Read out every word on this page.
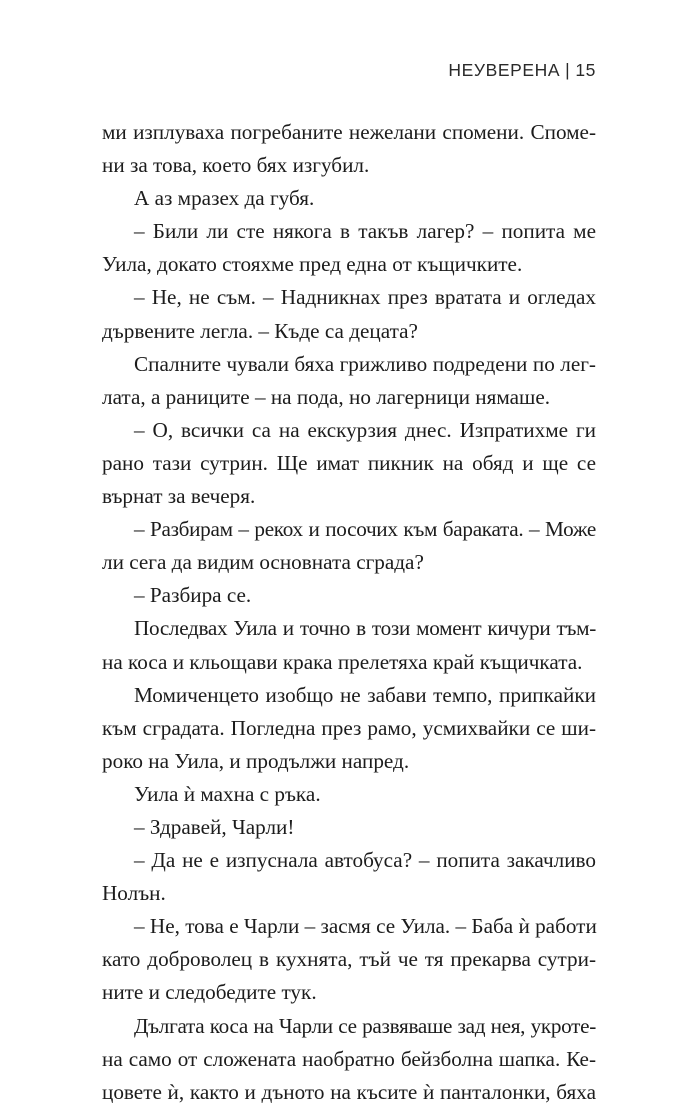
НЕУВЕРЕНА | 15
ми изплуваха погребаните нежелани спомени. Споме-
ни за това, което бях изгубил.
А аз мразех да губя.
– Били ли сте някога в такъв лагер? – попита ме
Уила, докато стояхме пред една от къщичките.
– Не, не съм. – Надникнах през вратата и огледах
дървените легла. – Къде са децата?
Спалните чували бяха грижливо подредени по лег-
лата, а раниците – на пода, но лагерници нямаше.
– О, всички са на екскурзия днес. Изпратихме ги
рано тази сутрин. Ще имат пикник на обяд и ще се
върнат за вечеря.
– Разбирам – рекох и посочих към бараката. – Може
ли сега да видим основната сграда?
– Разбира се.
Последвах Уила и точно в този момент кичури тъм-
на коса и кльощави крака прелетяха край къщичката.
Момиченцето изобщо не забави темпо, припкайки
към сградата. Погледна през рамо, усмихвайки се ши-
роко на Уила, и продължи напред.
Уила ѝ махна с ръка.
– Здравей, Чарли!
– Да не е изпуснала автобуса? – попита закачливо
Нолън.
– Не, това е Чарли – засмя се Уила. – Баба ѝ работи
като доброволец в кухнята, тъй че тя прекарва сутри-
ните и следобедите тук.
Дългата коса на Чарли се развяваше зад нея, укроте-
на само от сложената наобратно бейзболна шапка. Ке-
цовете ѝ, както и дъното на късите ѝ панталонки, бяха
